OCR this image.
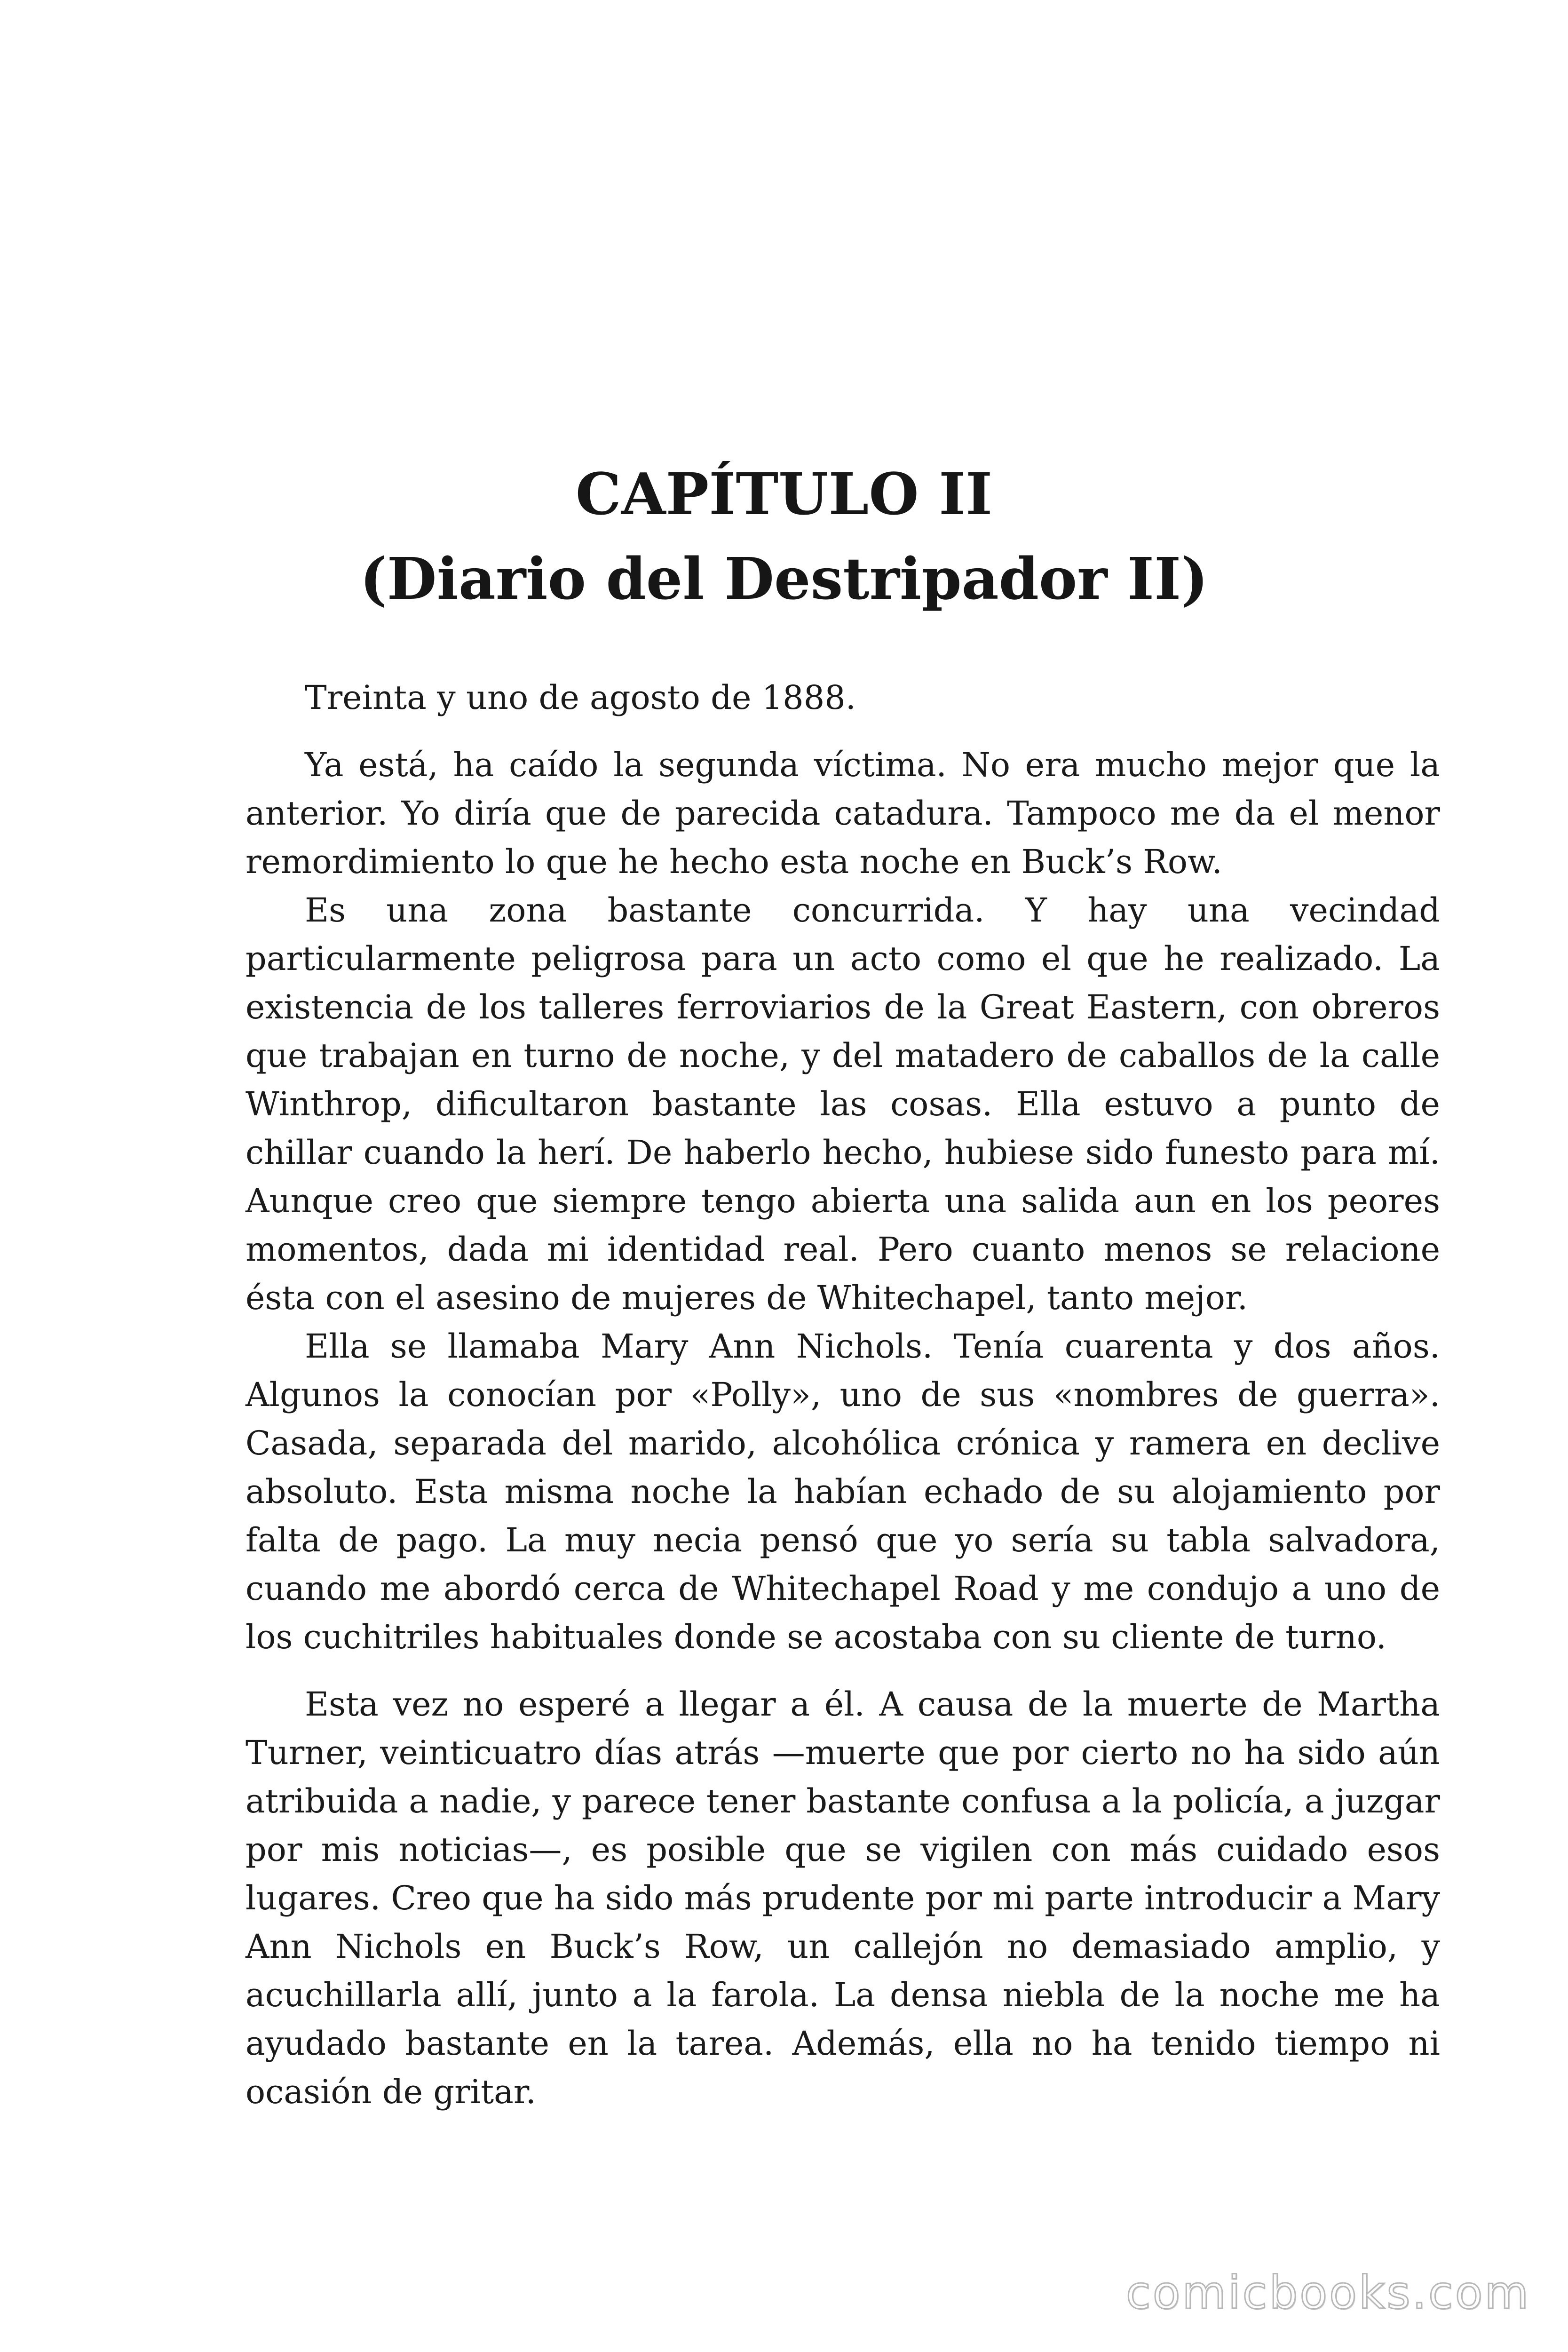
CAPÍTULO II
(Diario del Destripador II)

Treinta y uno de agosto de 1888.

Ya está, ha caído la segunda víctima. No era mucho mejor que la anterior. Yo diría que de parecida catadura. Tampoco me da el menor remordimiento lo que he hecho esta noche en Buck’s Row.

Es una zona bastante concurrida. Y hay una vecindad particularmente peligrosa para un acto como el que he realizado. La existencia de los talleres ferroviarios de la Great Eastern, con obreros que trabajan en turno de noche, y del matadero de caballos de la calle Winthrop, dificultaron bastante las cosas. Ella estuvo a punto de chillar cuando la herí. De haberlo hecho, hubiese sido funesto para mí. Aunque creo que siempre tengo abierta una salida aun en los peores momentos, dada mi identidad real. Pero cuanto menos se relacione ésta con el asesino de mujeres de Whitechapel, tanto mejor.

Ella se llamaba Mary Ann Nichols. Tenía cuarenta y dos años. Algunos la conocían por «Polly», uno de sus «nombres de guerra». Casada, separada del marido, alcohólica crónica y ramera en declive absoluto. Esta misma noche la habían echado de su alojamiento por falta de pago. La muy necia pensó que yo sería su tabla salvadora, cuando me abordó cerca de Whitechapel Road y me condujo a uno de los cuchitriles habituales donde se acostaba con su cliente de turno.

Esta vez no esperé a llegar a él. A causa de la muerte de Martha Turner, veinticuatro días atrás —muerte que por cierto no ha sido aún atribuida a nadie, y parece tener bastante confusa a la policía, a juzgar por mis noticias—, es posible que se vigilen con más cuidado esos lugares. Creo que ha sido más prudente por mi parte introducir a Mary Ann Nichols en Buck’s Row, un callejón no demasiado amplio, y acuchillarla allí, junto a la farola. La densa niebla de la noche me ha ayudado bastante en la tarea. Además, ella no ha tenido tiempo ni ocasión de gritar.

comicbooks.com
